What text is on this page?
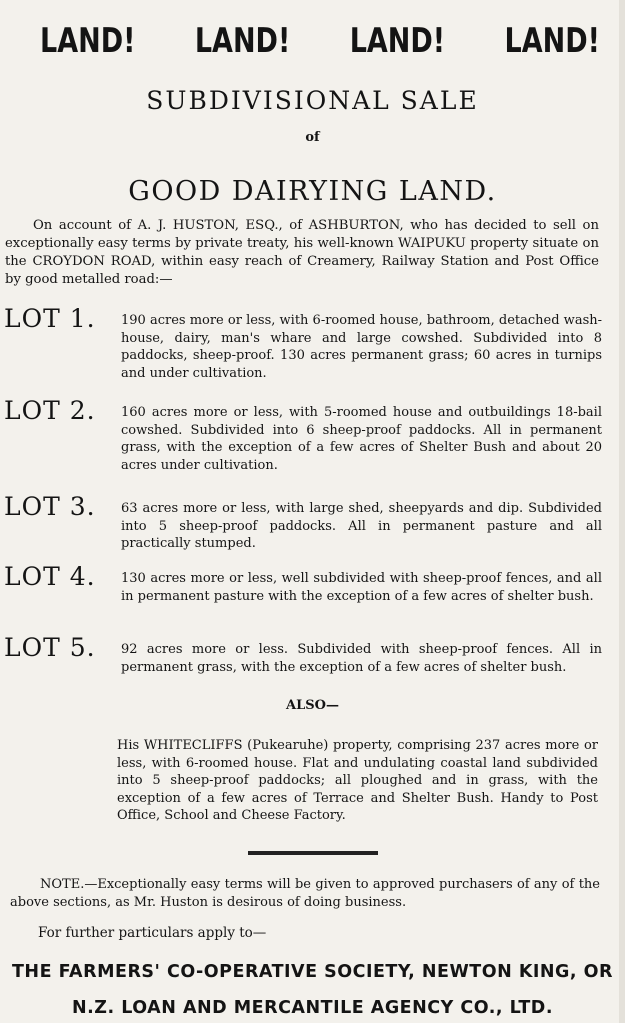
LAND! LAND! LAND! LAND!
SUBDIVISIONAL SALE
of
GOOD DAIRYING LAND.
On account of A. J. HUSTON, ESQ., of ASHBURTON, who has decided to sell on exceptionally easy terms by private treaty, his well-known WAIPUKU property situate on the CROYDON ROAD, within easy reach of Creamery, Railway Station and Post Office by good metalled road:—
LOT 1. 190 acres more or less, with 6-roomed house, bathroom, detached wash-house, dairy, man's whare and large cowshed. Subdivided into 8 paddocks, sheep-proof. 130 acres permanent grass; 60 acres in turnips and under cultivation.
LOT 2. 160 acres more or less, with 5-roomed house and outbuildings 18-bail cowshed. Subdivided into 6 sheep-proof paddocks. All in permanent grass, with the exception of a few acres of Shelter Bush and about 20 acres under cultivation.
LOT 3. 63 acres more or less, with large shed, sheepyards and dip. Subdivided into 5 sheep-proof paddocks. All in permanent pasture and all practically stumped.
LOT 4. 130 acres more or less, well subdivided with sheep-proof fences, and all in permanent pasture with the exception of a few acres of shelter bush.
LOT 5. 92 acres more or less. Subdivided with sheep-proof fences. All in permanent grass, with the exception of a few acres of shelter bush.
ALSO—
His WHITECLIFFS (Pukearuhe) property, comprising 237 acres more or less, with 6-roomed house. Flat and undulating coastal land subdivided into 5 sheep-proof paddocks; all ploughed and in grass, with the exception of a few acres of Terrace and Shelter Bush. Handy to Post Office, School and Cheese Factory.
NOTE.—Exceptionally easy terms will be given to approved purchasers of any of the above sections, as Mr. Huston is desirous of doing business.
For further particulars apply to—
THE FARMERS' CO-OPERATIVE SOCIETY, NEWTON KING, OR
N.Z. LOAN AND MERCANTILE AGENCY CO., LTD.
